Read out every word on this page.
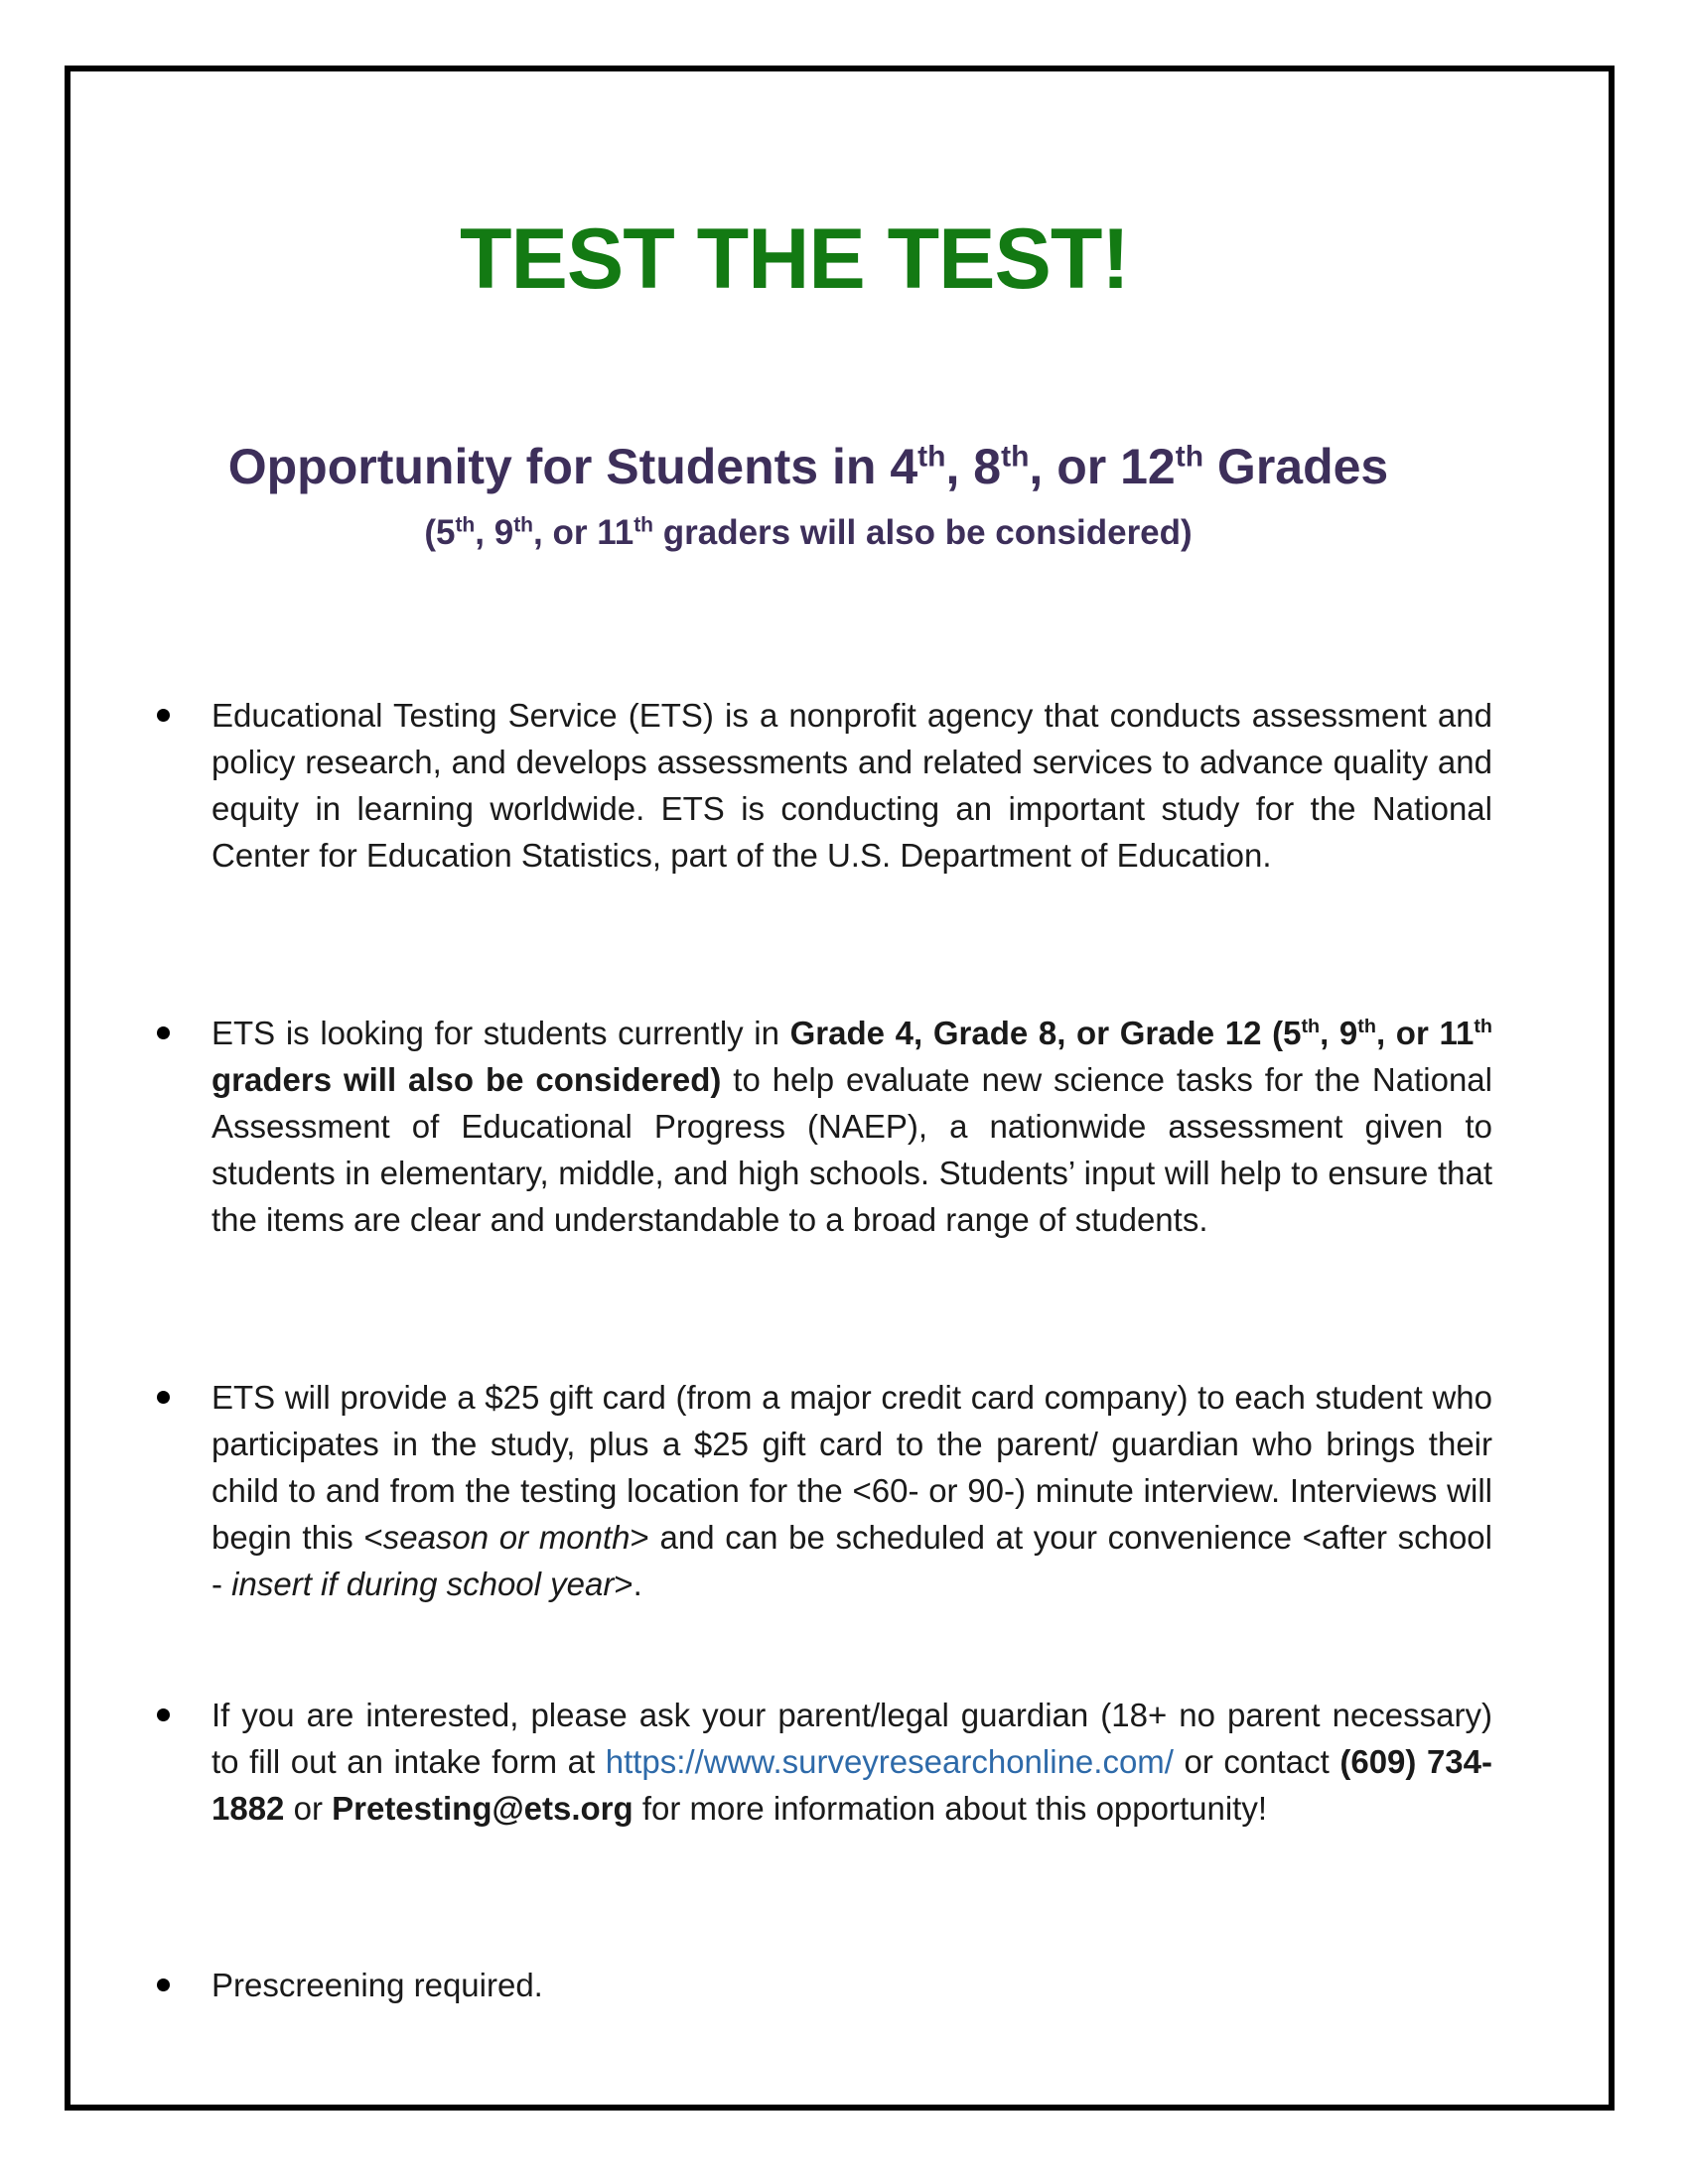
TEST THE TEST!
Opportunity for Students in 4th, 8th, or 12th Grades

(5th, 9th, or 11th graders will also be considered)

Educational Testing Service (ETS) is a nonprofit agency that conducts assessment and policy research, and develops assessments and related services to advance quality and equity in learning worldwide. ETS is conducting an important study for the National Center for Education Statistics, part of the U.S. Department of Education.
ETS is looking for students currently in Grade 4, Grade 8, or Grade 12 (5th, 9th, or 11th graders will also be considered) to help evaluate new science tasks for the National Assessment of Educational Progress (NAEP), a nationwide assessment given to students in elementary, middle, and high schools. Students’ input will help to ensure that the items are clear and understandable to a broad range of students.
ETS will provide a $25 gift card (from a major credit card company) to each student who participates in the study, plus a $25 gift card to the parent/ guardian who brings their child to and from the testing location for the <60- or 90-) minute interview. Interviews will begin this <season or month> and can be scheduled at your convenience <after school - insert if during school year>.
If you are interested, please ask your parent/legal guardian (18+ no parent necessary) to fill out an intake form at https://www.surveyresearchonline.com/ or contact (609) 734-1882 or Pretesting@ets.org for more information about this opportunity!
Prescreening required.
